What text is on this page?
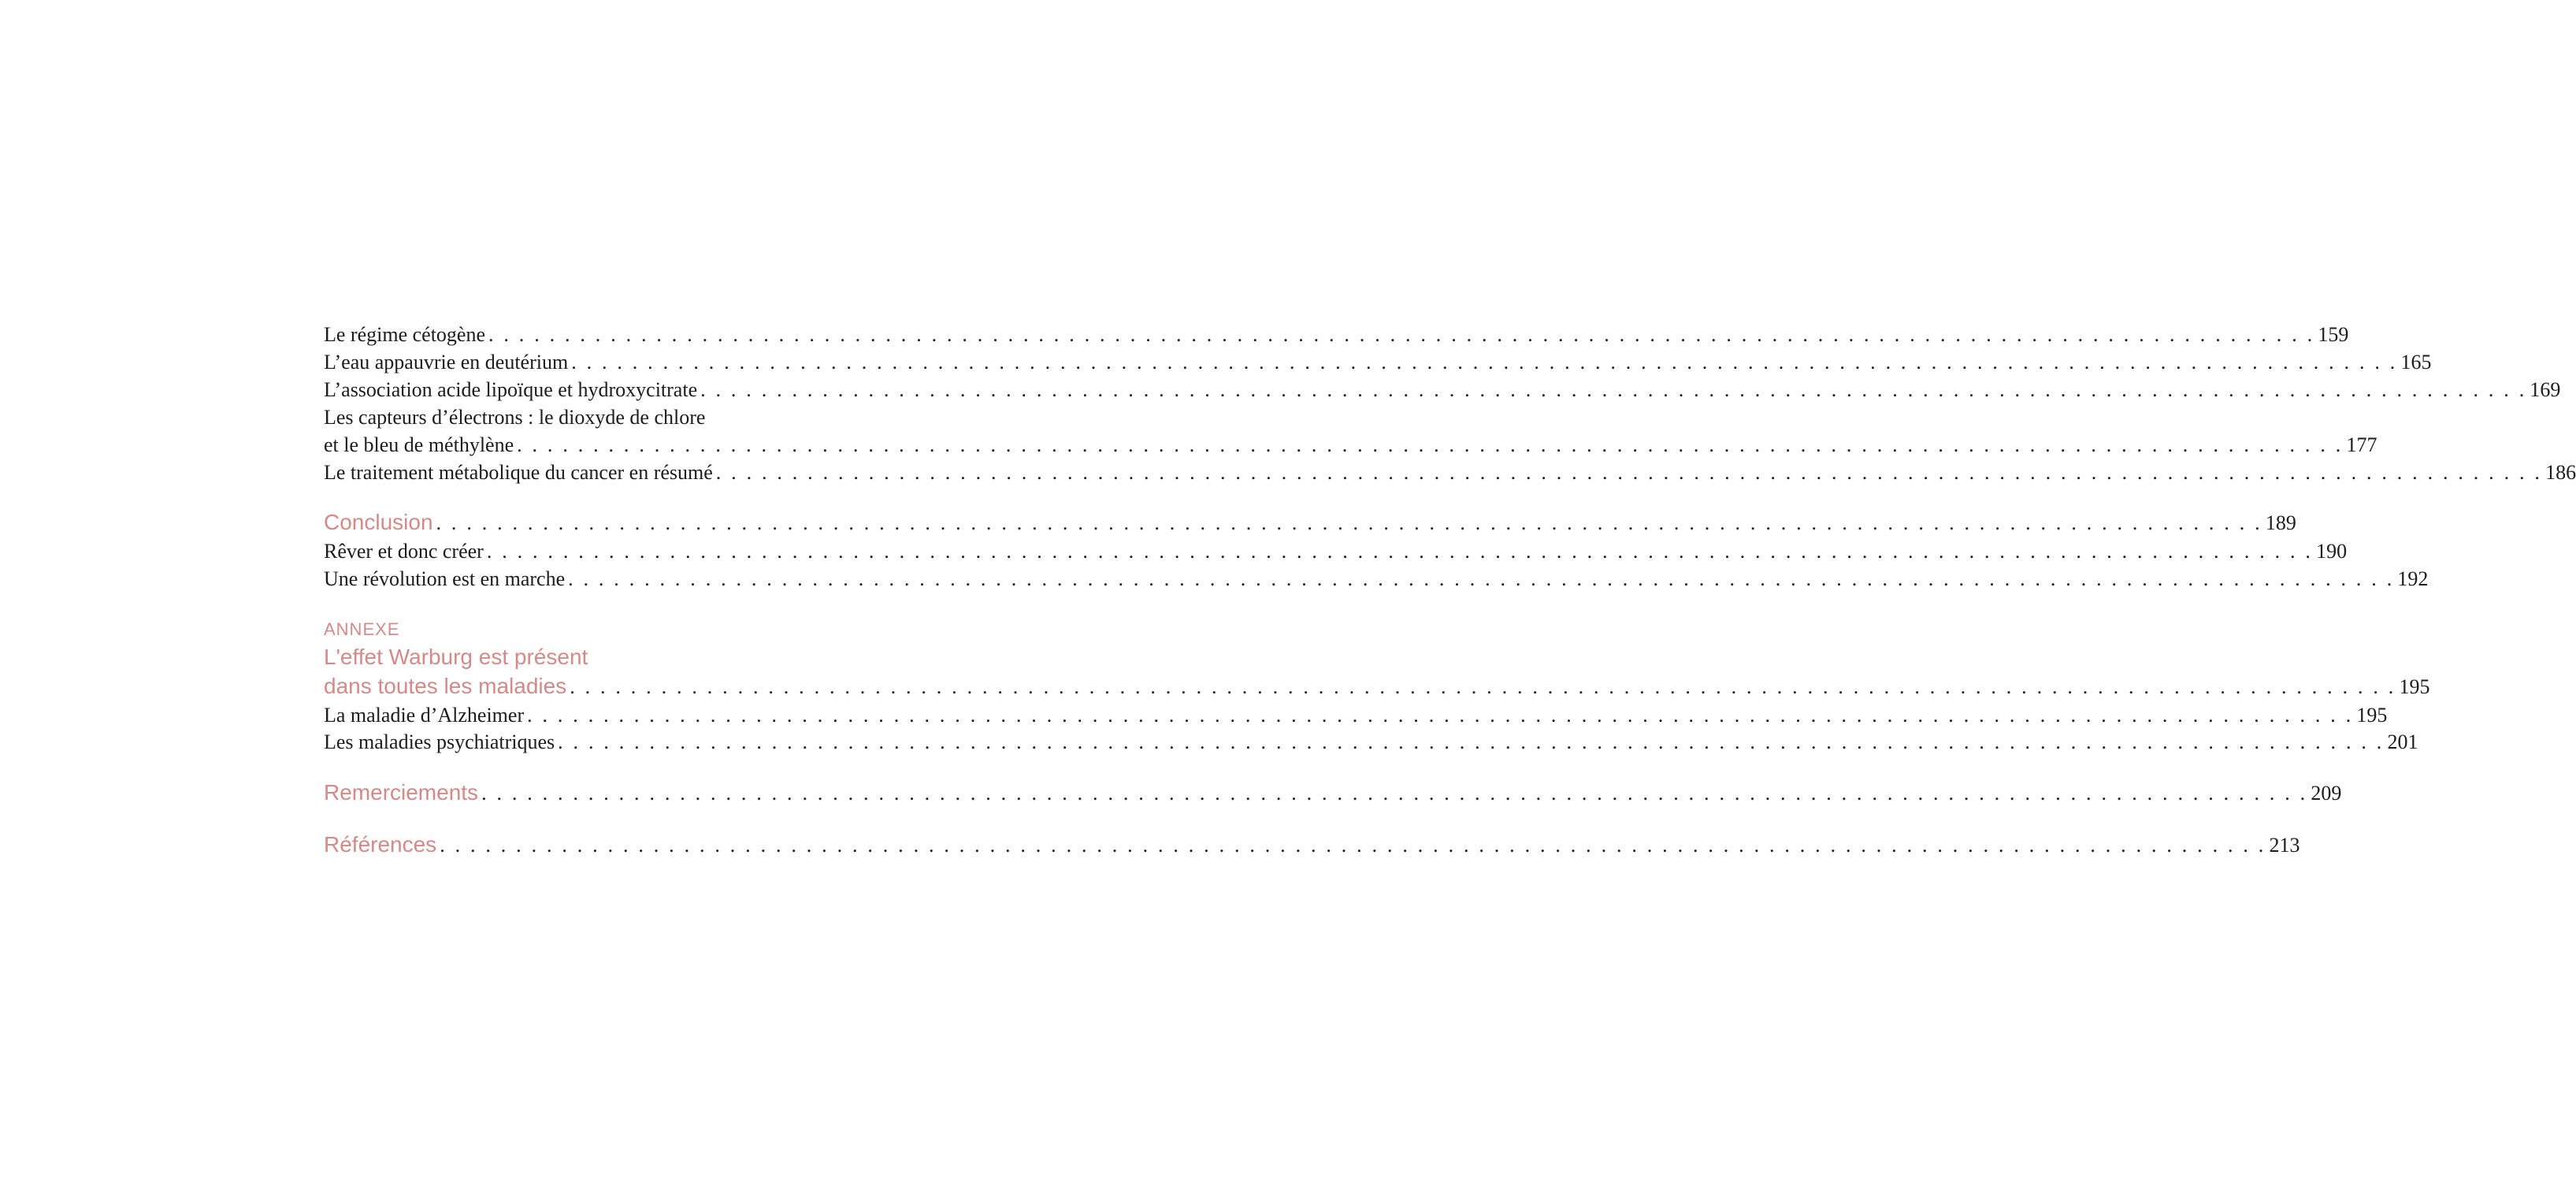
Le régime cétogène . . . . . . . . . . . . . . . . . . . . . . . . . . . . . . . . . . . . . . . . . . . . . . . . . . . . . . . . . . . . . . . . . . . . . . . . . . . . . . . . . . . . . . . . . . . . . . . . . . . . . . . . . . . . . . . . . . . . . . . . 159
L’eau appauvrie en deutérium . . . . . . . . . . . . . . . . . . . . . . . . . . . . . . . . . . . . . . . . . . . . . . . . . . . . . . . . . . . . . . . . . . . . . . . . . . . . . . . . . . . . . . . . . . . . . . . . . . . . . . . . . . . . . . . . . . . . . . . . 165
L’association acide lipoïque et hydroxycitrate . . . . . . . . . . . . . . . . . . . . . . . . . . . . . . . . . . . . . . . . . . . . . . . . . . . . . . . . . . . . . . . . . . . . . . . . . . . . . . . . . . . . . . . . . . . . . . . . . . . . . . . . . . . . . . . . . . . . . . . . 169
Les capteurs d’électrons : le dioxyde de chlore
et le bleu de méthylène . . . . . . . . . . . . . . . . . . . . . . . . . . . . . . . . . . . . . . . . . . . . . . . . . . . . . . . . . . . . . . . . . . . . . . . . . . . . . . . . . . . . . . . . . . . . . . . . . . . . . . . . . . . . . . . . . . . . . . . . 177
Le traitement métabolique du cancer en résumé . . . . . . . . . . . . . . . . . . . . . . . . . . . . . . . . . . . . . . . . . . . . . . . . . . . . . . . . . . . . . . . . . . . . . . . . . . . . . . . . . . . . . . . . . . . . . . . . . . . . . . . . . . . . . . . . . . . . . . . . 186
Conclusion . . . . . . . . . . . . . . . . . . . . . . . . . . . . . . . . . . . . . . . . . . . . . . . . . . . . . . . . . . . . . . . . . . . . . . . . . . . . . . . . . . . . . . . . . . . . . . . . . . . . . . . . . . . . . . . . . . . . . . . . 189
Rêver et donc créer . . . . . . . . . . . . . . . . . . . . . . . . . . . . . . . . . . . . . . . . . . . . . . . . . . . . . . . . . . . . . . . . . . . . . . . . . . . . . . . . . . . . . . . . . . . . . . . . . . . . . . . . . . . . . . . . . . . . . . . . 190
Une révolution est en marche . . . . . . . . . . . . . . . . . . . . . . . . . . . . . . . . . . . . . . . . . . . . . . . . . . . . . . . . . . . . . . . . . . . . . . . . . . . . . . . . . . . . . . . . . . . . . . . . . . . . . . . . . . . . . . . . . . . . . . . . 192
L'effet Warburg est présent
dans toutes les maladies . . . . . . . . . . . . . . . . . . . . . . . . . . . . . . . . . . . . . . . . . . . . . . . . . . . . . . . . . . . . . . . . . . . . . . . . . . . . . . . . . . . . . . . . . . . . . . . . . . . . . . . . . . . . . . . . . . . . . . . . 195
La maladie d’Alzheimer . . . . . . . . . . . . . . . . . . . . . . . . . . . . . . . . . . . . . . . . . . . . . . . . . . . . . . . . . . . . . . . . . . . . . . . . . . . . . . . . . . . . . . . . . . . . . . . . . . . . . . . . . . . . . . . . . . . . . . . . 195
Les maladies psychiatriques . . . . . . . . . . . . . . . . . . . . . . . . . . . . . . . . . . . . . . . . . . . . . . . . . . . . . . . . . . . . . . . . . . . . . . . . . . . . . . . . . . . . . . . . . . . . . . . . . . . . . . . . . . . . . . . . . . . . . . . . 201
Remerciements . . . . . . . . . . . . . . . . . . . . . . . . . . . . . . . . . . . . . . . . . . . . . . . . . . . . . . . . . . . . . . . . . . . . . . . . . . . . . . . . . . . . . . . . . . . . . . . . . . . . . . . . . . . . . . . . . . . . . . . . 209
Références . . . . . . . . . . . . . . . . . . . . . . . . . . . . . . . . . . . . . . . . . . . . . . . . . . . . . . . . . . . . . . . . . . . . . . . . . . . . . . . . . . . . . . . . . . . . . . . . . . . . . . . . . . . . . . . . . . . . . . . . 213
ANNEXE
